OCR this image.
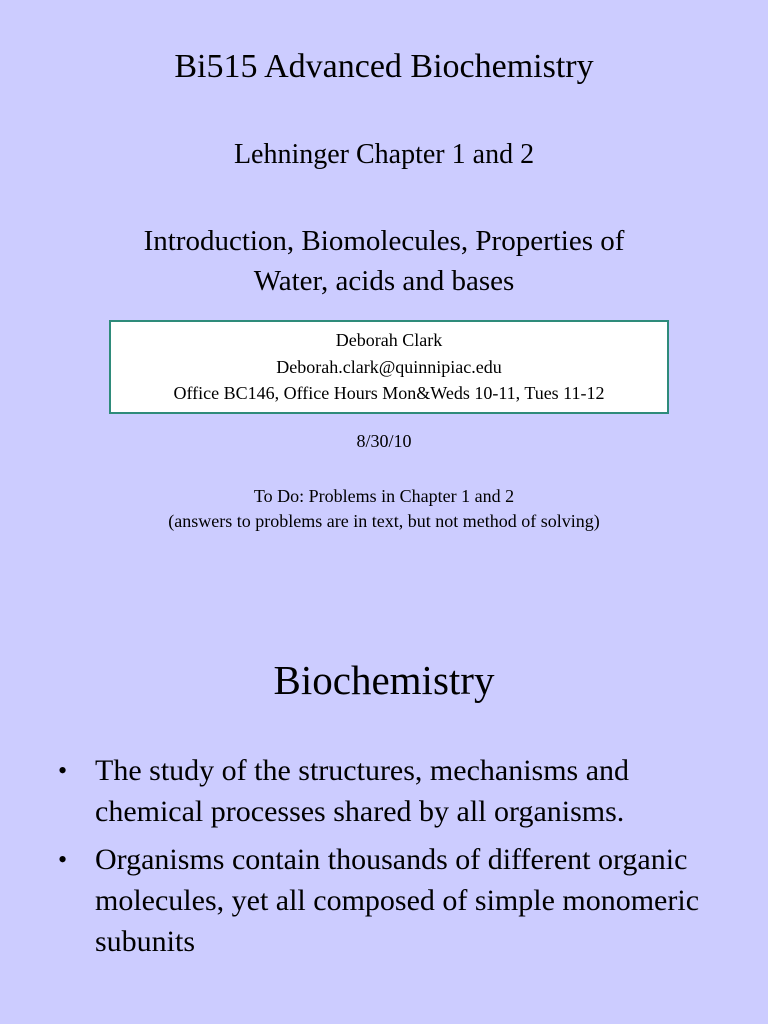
Bi515 Advanced Biochemistry
Lehninger Chapter 1 and 2
Introduction, Biomolecules, Properties of
Water, acids and bases
Deborah Clark
Deborah.clark@quinnipiac.edu
Office BC146, Office Hours Mon&Weds 10-11, Tues 11-12
8/30/10
To Do: Problems in Chapter 1 and 2
(answers to problems are in text, but not method of solving)
Biochemistry
• The study of the structures, mechanisms and chemical processes shared by all organisms.
• Organisms contain thousands of different organic molecules, yet all composed of simple monomeric subunits
